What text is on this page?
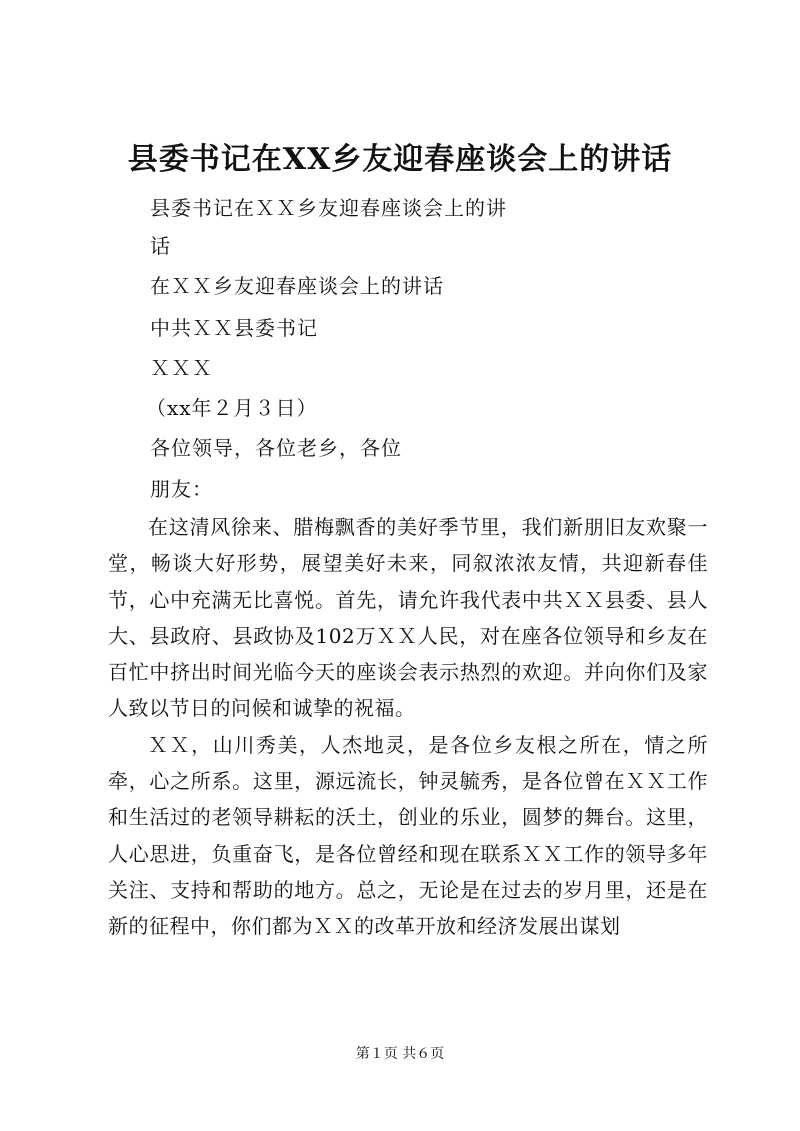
县委书记在XX乡友迎春座谈会上的讲话
县委书记在ＸＸ乡友迎春座谈会上的讲
话
在ＸＸ乡友迎春座谈会上的讲话
中共ＸＸ县委书记
ＸＸＸ
（xx年２月３日）
各位领导，各位老乡，各位
朋友：

在这清风徐来、腊梅飘香的美好季节里，我们新朋旧友欢聚一堂，畅谈大好形势，展望美好未来，同叙浓浓友情，共迎新春佳节，心中充满无比喜悦。首先，请允许我代表中共ＸＸ县委、县人大、县政府、县政协及102万ＸＸ人民，对在座各位领导和乡友在百忙中挤出时间光临今天的座谈会表示热烈的欢迎。并向你们及家人致以节日的问候和诚挚的祝福。

ＸＸ，山川秀美，人杰地灵，是各位乡友根之所在，情之所牵，心之所系。这里，源远流长，钟灵毓秀，是各位曾在ＸＸ工作和生活过的老领导耕耘的沃土，创业的乐业，圆梦的舞台。这里，人心思进，负重奋飞，是各位曾经和现在联系ＸＸ工作的领导多年关注、支持和帮助的地方。总之，无论是在过去的岁月里，还是在新的征程中，你们都为ＸＸ的改革开放和经济发展出谋划

第１页 共６页
